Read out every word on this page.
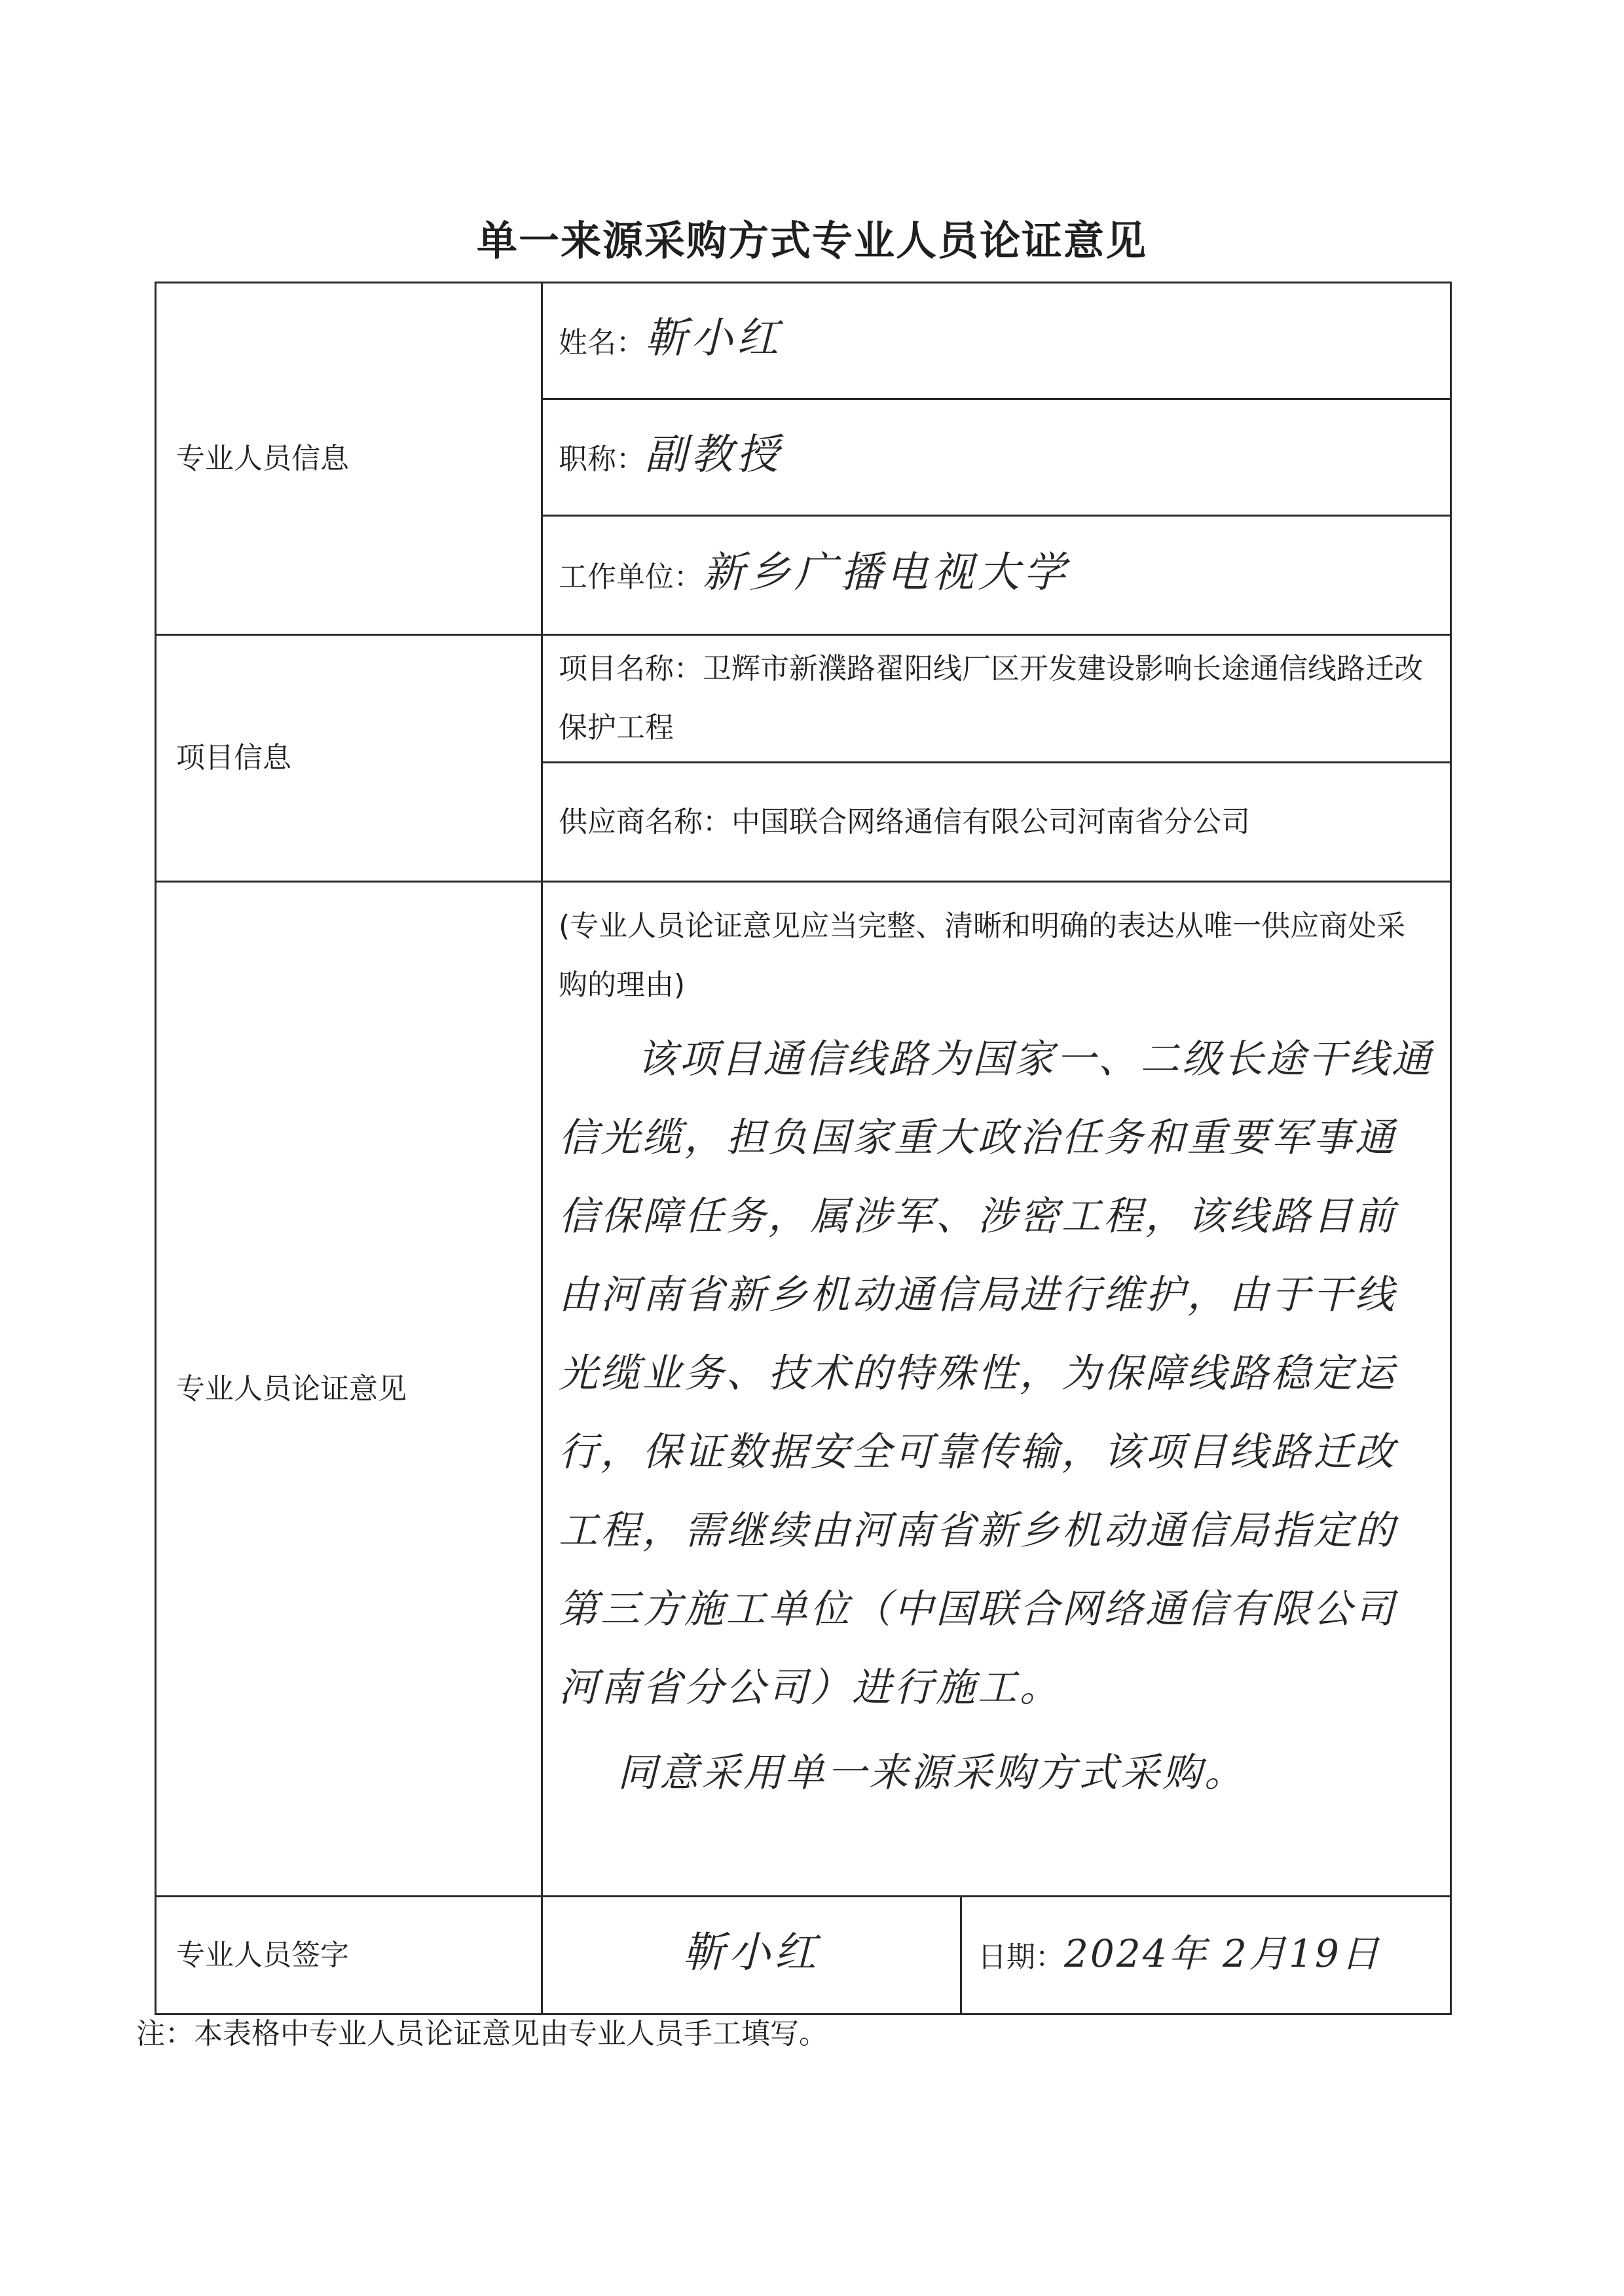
单一来源采购方式专业人员论证意见
专业人员信息	姓名：靳小红	
	职称：副教授	
	工作单位：新乡广播电视大学	
项目信息	项目名称：卫辉市新濮路翟阳线厂区开发建设影响长途通信线路迁改保护工程	
	供应商名称：中国联合网络通信有限公司河南省分公司	
专业人员论证意见	(专业人员论证意见应当完整、清晰和明确的表达从唯一供应商处采购的理由)
该项目通信线路为国家一、二级长途干线通信光缆，担负国家重大政治任务和重要军事通信保障任务，属涉军、涉密工程，该线路目前由河南省新乡机动通信局进行维护，由于干线光缆业务、技术的特殊性，为保障线路稳定运行，保证数据安全可靠传输，该项目线路迁改工程，需继续由河南省新乡机动通信局指定的第三方施工单位（中国联合网络通信有限公司河南省分公司）进行施工。
同意采用单一来源采购方式采购。	

专业人员签字	靳小红	日期：2024年 2月19日
注：本表格中专业人员论证意见由专业人员手工填写。
